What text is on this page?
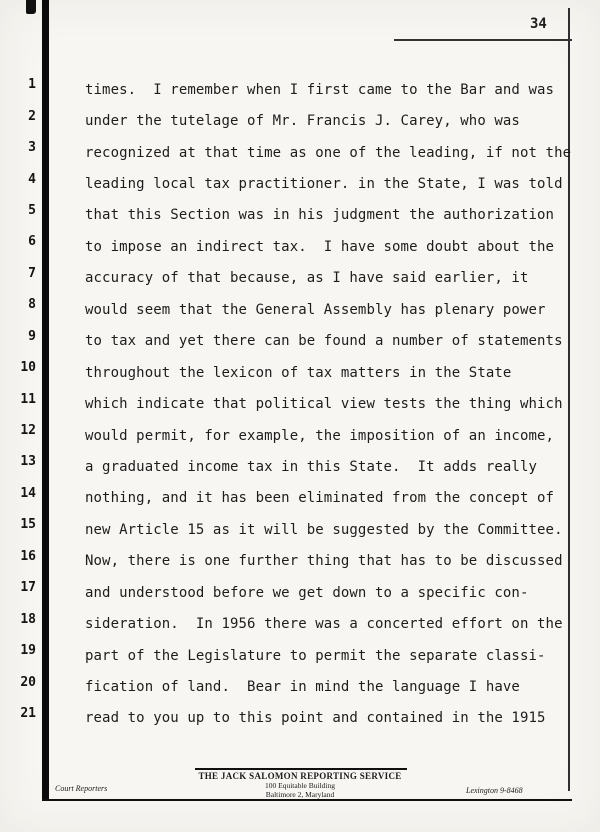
34
1	times.  I remember when I first came to the Bar and was
2	under the tutelage of Mr. Francis J. Carey, who was
3	recognized at that time as one of the leading, if not the
4	leading local tax practitioner. in the State, I was told
5	that this Section was in his judgment the authorization
6	to impose an indirect tax.  I have some doubt about the
7	accuracy of that because, as I have said earlier, it
8	would seem that the General Assembly has plenary power
9	to tax and yet there can be found a number of statements
10	throughout the lexicon of tax matters in the State
11	which indicate that political view tests the thing which
12	would permit, for example, the imposition of an income,
13	a graduated income tax in this State.  It adds really
14	nothing, and it has been eliminated from the concept of
15	new Article 15 as it will be suggested by the Committee.
16	Now, there is one further thing that has to be discussed
17	and understood before we get down to a specific con-
18	sideration.  In 1956 there was a concerted effort on the
19	part of the Legislature to permit the separate classi-
20	fication of land.  Bear in mind the language I have
21	read to you up to this point and contained in the 1915
THE JACK SALOMON REPORTING SERVICE
100 Equitable Building
Baltimore 2, Maryland
Court Reporters	Lexington 9-8468
